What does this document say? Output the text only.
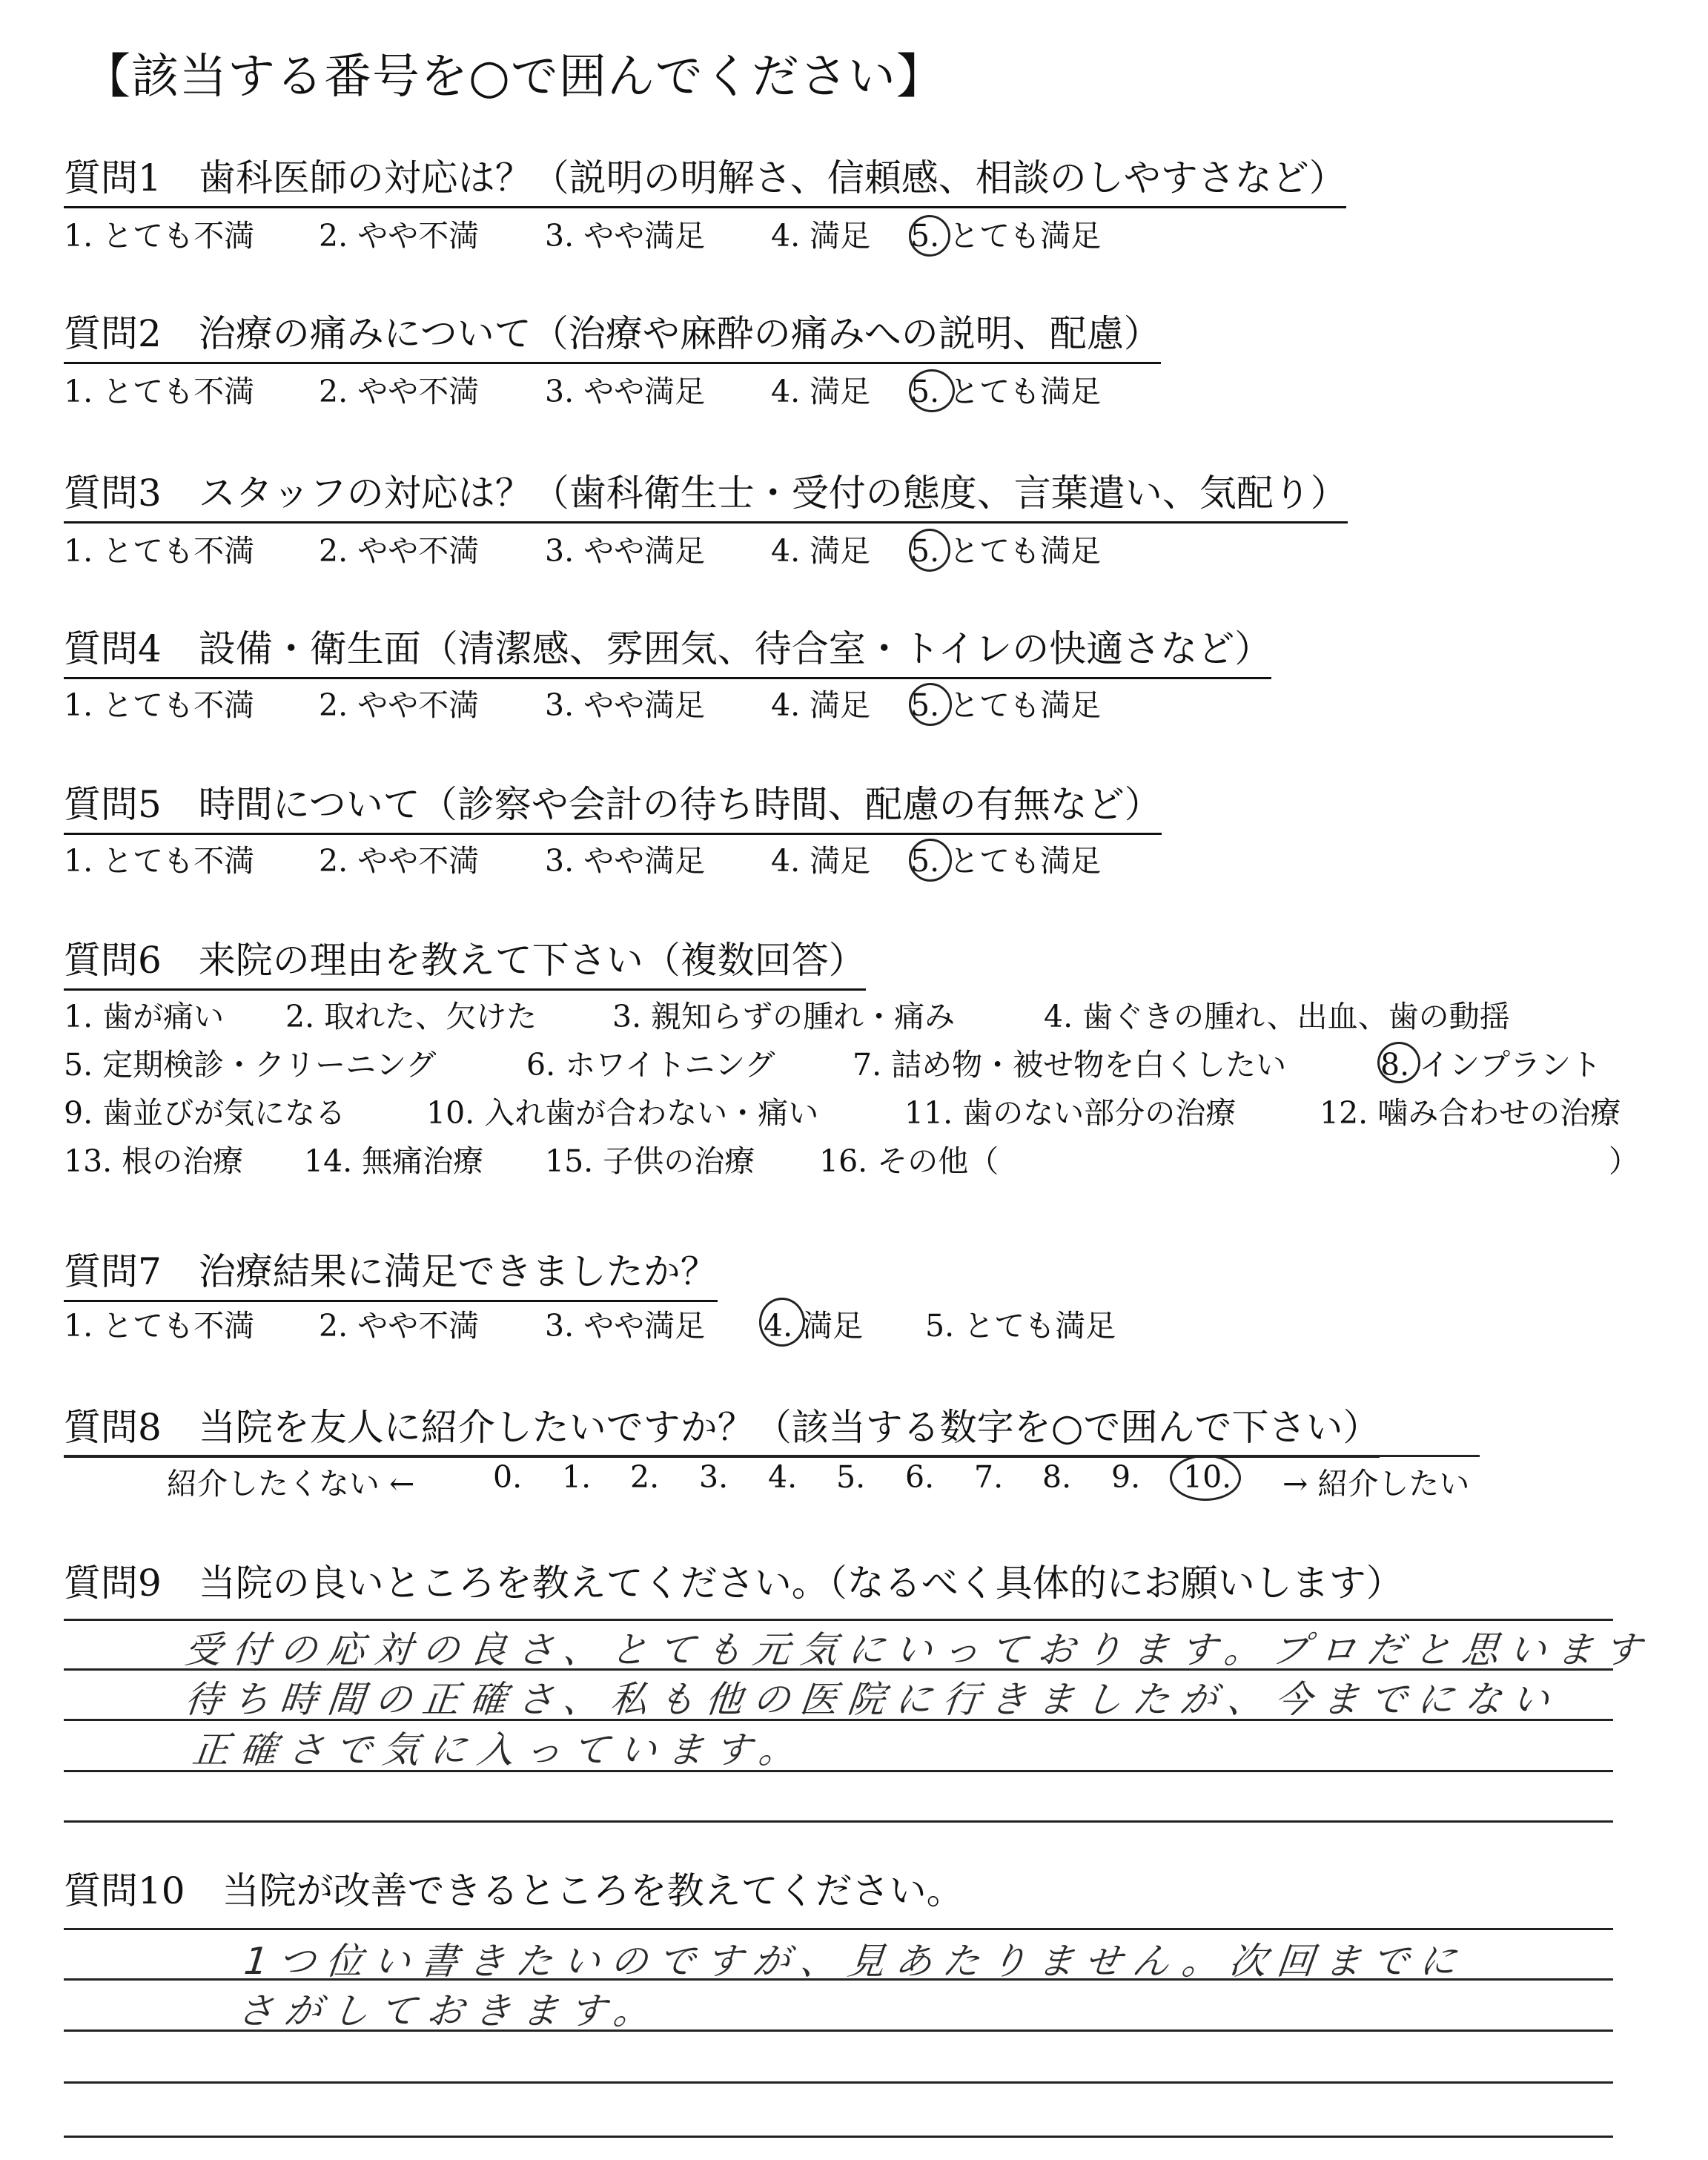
【該当する番号を○で囲んでください】
質問1　歯科医師の対応は？（説明の明解さ、信頼感、相談のしやすさなど）
1. とても不満 2. やや不満 3. やや満足 4. 満足 5. とても満足
質問2　治療の痛みについて（治療や麻酔の痛みへの説明、配慮）
1. とても不満 2. やや不満 3. やや満足 4. 満足 5. とても満足
質問3　スタッフの対応は？（歯科衛生士・受付の態度、言葉遣い、気配り）
1. とても不満 2. やや不満 3. やや満足 4. 満足 5. とても満足
質問4　設備・衛生面（清潔感、雰囲気、待合室・トイレの快適さなど）
1. とても不満 2. やや不満 3. やや満足 4. 満足 5. とても満足
質問5　時間について（診察や会計の待ち時間、配慮の有無など）
1. とても不満 2. やや不満 3. やや満足 4. 満足 5. とても満足
質問6　来院の理由を教えて下さい（複数回答）
1. 歯が痛い 2. 取れた、欠けた 3. 親知らずの腫れ・痛み	4. 歯ぐきの腫れ、出血、歯の動揺
5. 定期検診・クリーニング	6. ホワイトニング	7. 詰め物・被せ物を白くしたい	8. インプラント
9. 歯並びが気になる	10. 入れ歯が合わない・痛い	11. 歯のない部分の治療	12. 噛み合わせの治療
13. 根の治療 14. 無痛治療 15. 子供の治療 16. その他（	）
質問7　治療結果に満足できましたか？
1. とても不満 2. やや不満 3. やや満足 4. 満足 5. とても満足
質問8　当院を友人に紹介したいですか？（該当する数字を○で囲んで下さい）
紹介したくない ←	0. 1. 2. 3. 4. 5. 6. 7. 8. 9. 10. → 紹介したい
質問9　当院の良いところを教えてください。（なるべく具体的にお願いします）
受付の応対の良さ、とても元気にいっております。プロだと思います
待ち時間の正確さ、私も他の医院に行きましたが、今までにない
正確さで気に入っています。
質問10　当院が改善できるところを教えてください。
1つ位い書きたいのですが、見あたりません。次回までに
さがしておきます。
